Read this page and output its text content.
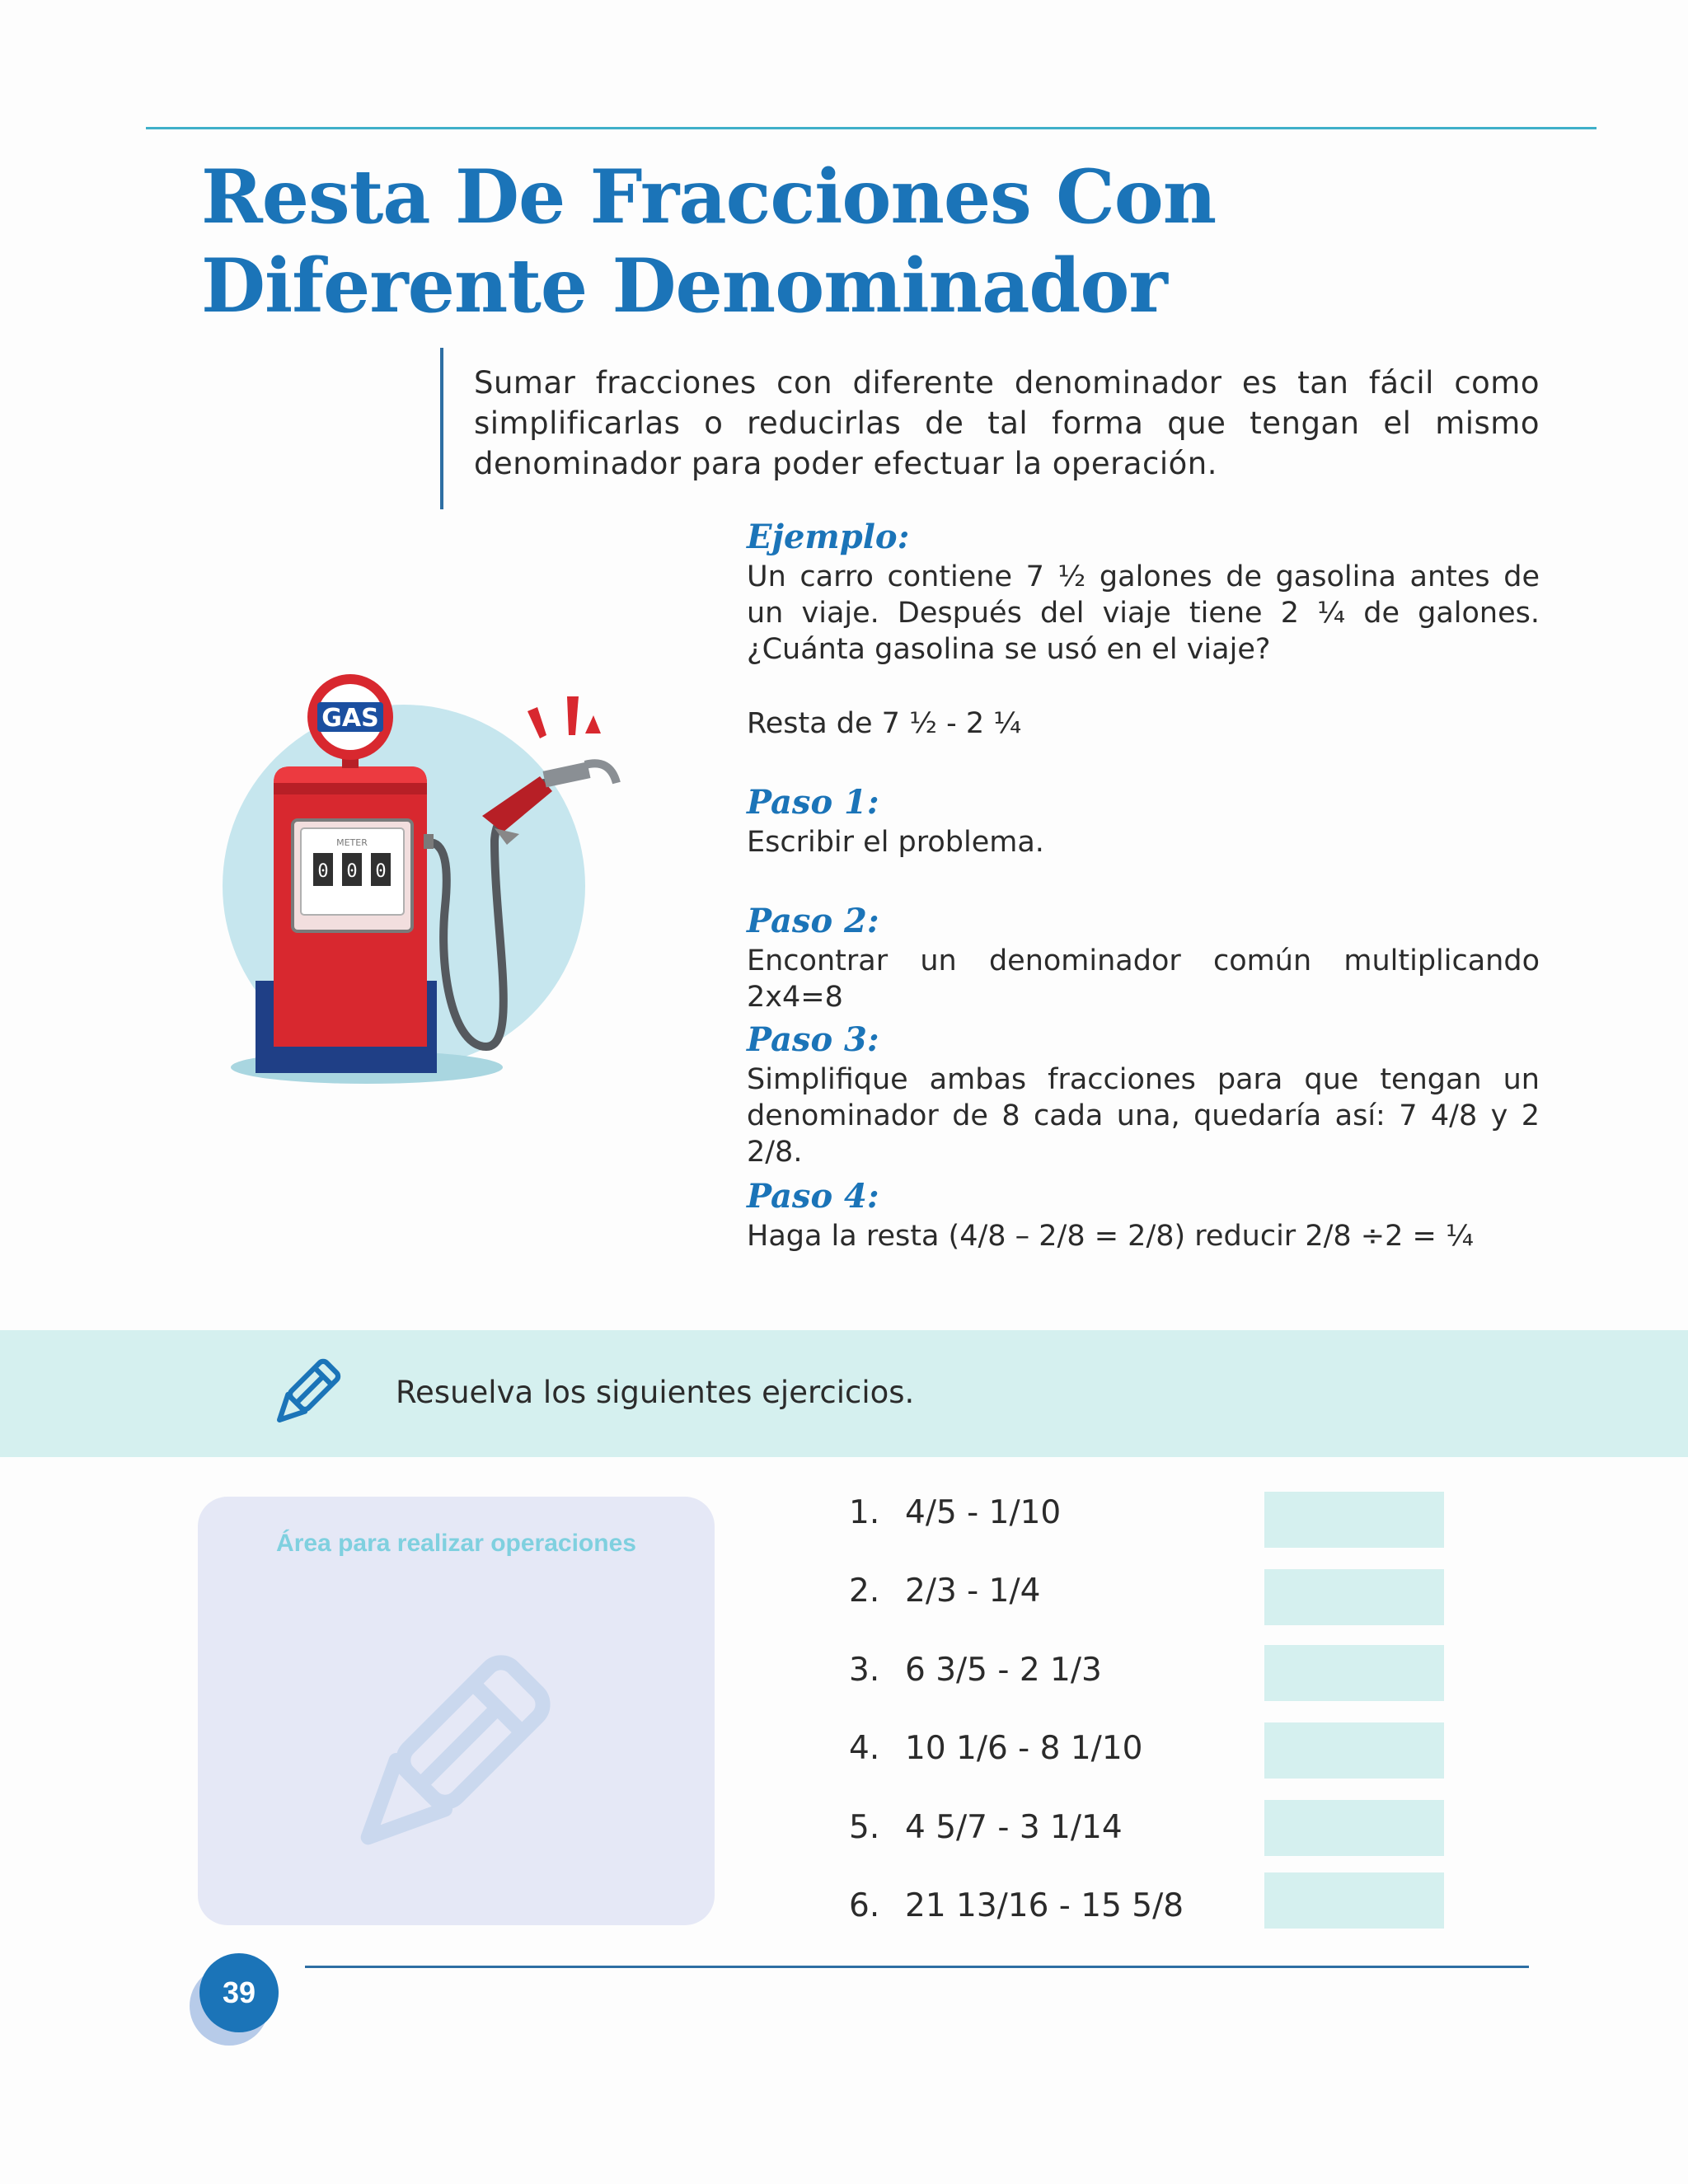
Resta De Fracciones Con Diferente Denominador

Sumar fracciones con diferente denominador es tan fácil como simplificarlas o reducirlas de tal forma que tengan el mismo denominador para poder efectuar la operación.

Ejemplo:

Un carro contiene 7 ½ galones de gasolina antes de un viaje. Después del viaje tiene 2 ¼ de galones. ¿Cuánta gasolina se usó en el viaje?

Resta de 7 ½ - 2 ¼

Paso 1:

Escribir el problema.

Paso 2:

Encontrar un denominador común multiplicando 2x4=8

Paso 3:

Simplifique ambas fracciones para que tengan un denominador de 8 cada una, quedaría así: 7 4/8 y 2 2/8.

Paso 4:

Haga la resta (4/8 – 2/8 = 2/8) reducir 2/8 ÷2 = ¼

GAS
METER
0 0 0

Resuelva los siguientes ejercicios.

Área para realizar operaciones

1. 4/5 - 1/10
2. 2/3 - 1/4
3. 6 3/5 - 2 1/3
4. 10 1/6 - 8 1/10
5. 4 5/7 - 3 1/14
6. 21 13/16 - 15 5/8
39
